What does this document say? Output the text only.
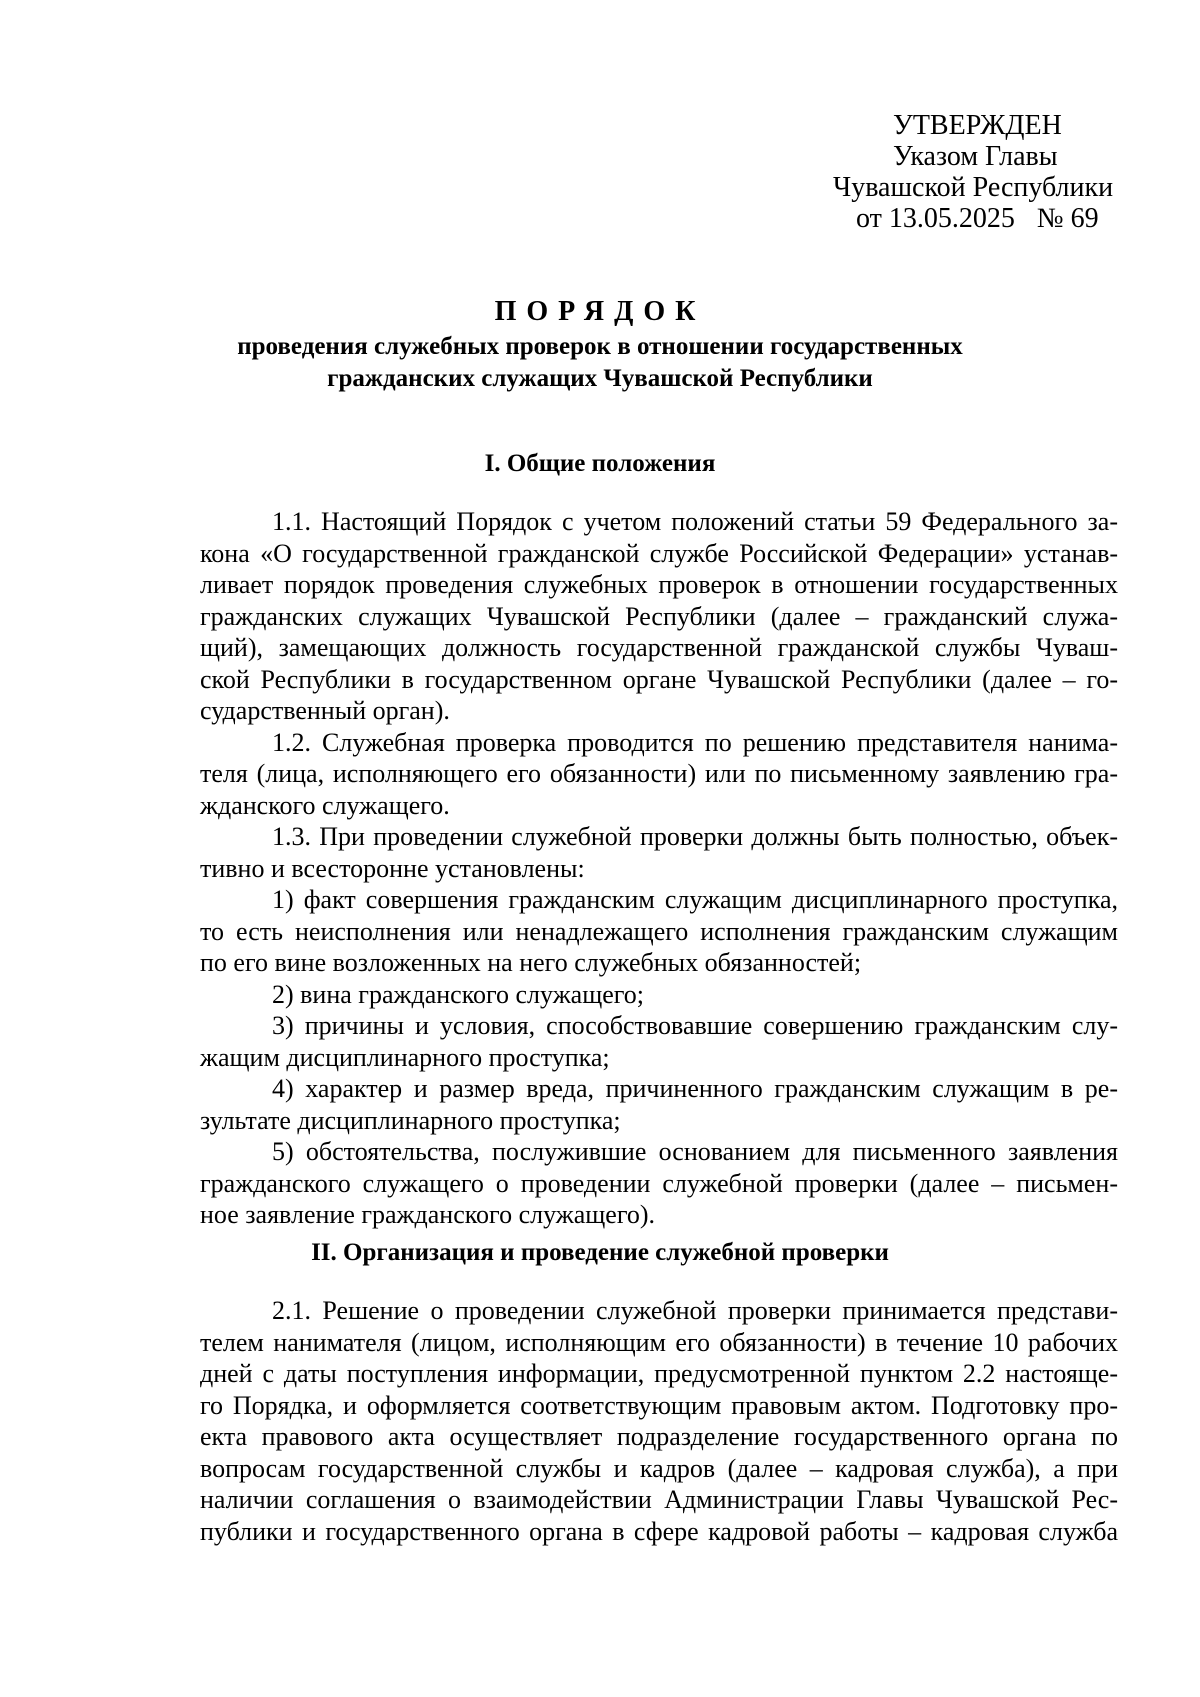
УТВЕРЖДЕН
Указом Главы
Чувашской Республики
от 13.05.2025 № 69
ПОРЯДОК
проведения служебных проверок в отношении государственных
гражданских служащих Чувашской Республики
I. Общие положения
1.1. Настоящий Порядок с учетом положений статьи 59 Федерального за-
кона «О государственной гражданской службе Российской Федерации» устанав-
ливает порядок проведения служебных проверок в отношении государственных
гражданских служащих Чувашской Республики (далее – гражданский служа-
щий), замещающих должность государственной гражданской службы Чуваш-
ской Республики в государственном органе Чувашской Республики (далее – го-
сударственный орган).
1.2. Служебная проверка проводится по решению представителя нанима-
теля (лица, исполняющего его обязанности) или по письменному заявлению гра-
жданского служащего.
1.3. При проведении служебной проверки должны быть полностью, объек-
тивно и всесторонне установлены:
1) факт совершения гражданским служащим дисциплинарного проступка,
то есть неисполнения или ненадлежащего исполнения гражданским служащим
по его вине возложенных на него служебных обязанностей;
2) вина гражданского служащего;
3) причины и условия, способствовавшие совершению гражданским слу-
жащим дисциплинарного проступка;
4) характер и размер вреда, причиненного гражданским служащим в ре-
зультате дисциплинарного проступка;
5) обстоятельства, послужившие основанием для письменного заявления
гражданского служащего о проведении служебной проверки (далее – письмен-
ное заявление гражданского служащего).
II. Организация и проведение служебной проверки
2.1. Решение о проведении служебной проверки принимается представи-
телем нанимателя (лицом, исполняющим его обязанности) в течение 10 рабочих
дней с даты поступления информации, предусмотренной пунктом 2.2 настояще-
го Порядка, и оформляется соответствующим правовым актом. Подготовку про-
екта правового акта осуществляет подразделение государственного органа по
вопросам государственной службы и кадров (далее – кадровая служба), а при
наличии соглашения о взаимодействии Администрации Главы Чувашской Рес-
публики и государственного органа в сфере кадровой работы – кадровая служба
